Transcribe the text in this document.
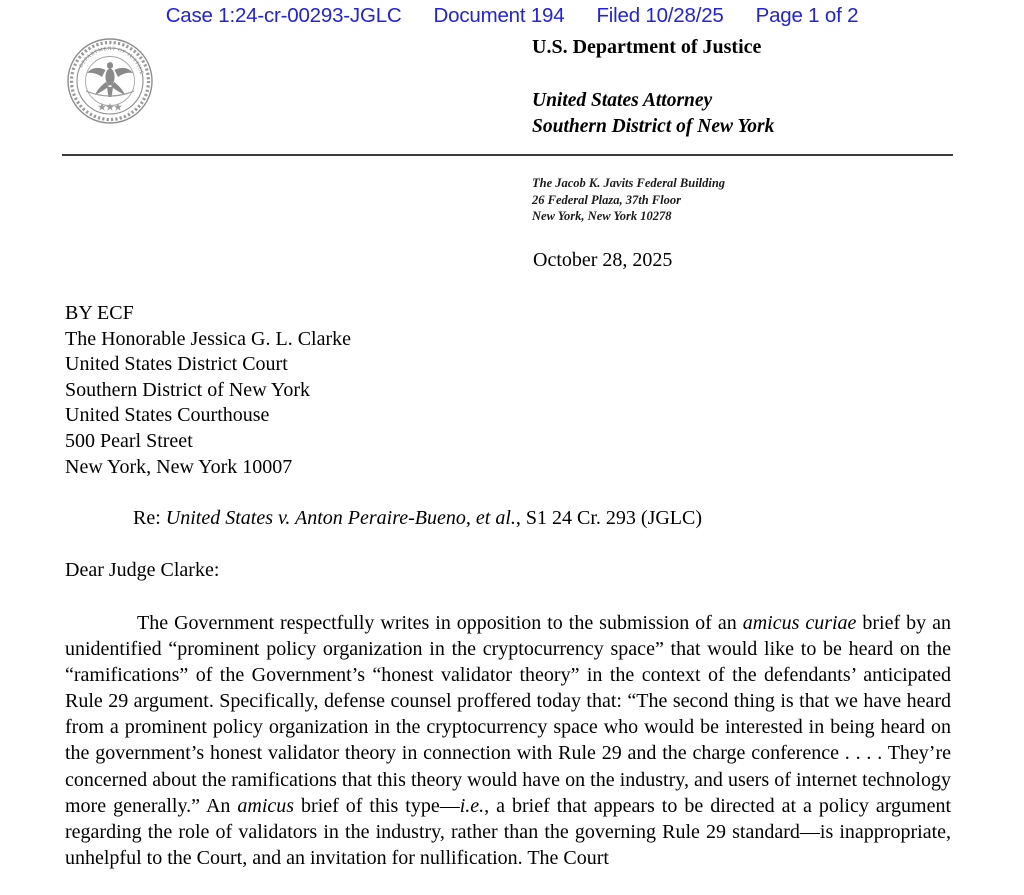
Case 1:24-cr-00293-JGLC Document 194 Filed 10/28/25 Page 1 of 2
DEPARTMENT OF JUSTICE
U.S. Department of Justice
United States Attorney
Southern District of New York
The Jacob K. Javits Federal Building
26 Federal Plaza, 37th Floor
New York, New York 10278
October 28, 2025
BY ECF
The Honorable Jessica G. L. Clarke
United States District Court
Southern District of New York
United States Courthouse
500 Pearl Street
New York, New York 10007
Re: United States v. Anton Peraire-Bueno, et al., S1 24 Cr. 293 (JGLC)
Dear Judge Clarke:
The Government respectfully writes in opposition to the submission of an amicus curiae brief by an unidentified “prominent policy organization in the cryptocurrency space” that would like to be heard on the “ramifications” of the Government’s “honest validator theory” in the context of the defendants’ anticipated Rule 29 argument. Specifically, defense counsel proffered today that: “The second thing is that we have heard from a prominent policy organization in the cryptocurrency space who would be interested in being heard on the government’s honest validator theory in connection with Rule 29 and the charge conference . . . . They’re concerned about the ramifications that this theory would have on the industry, and users of internet technology more generally.” An amicus brief of this type—i.e., a brief that appears to be directed at a policy argument regarding the role of validators in the industry, rather than the governing Rule 29 standard—is inappropriate, unhelpful to the Court, and an invitation for nullification. The Court
